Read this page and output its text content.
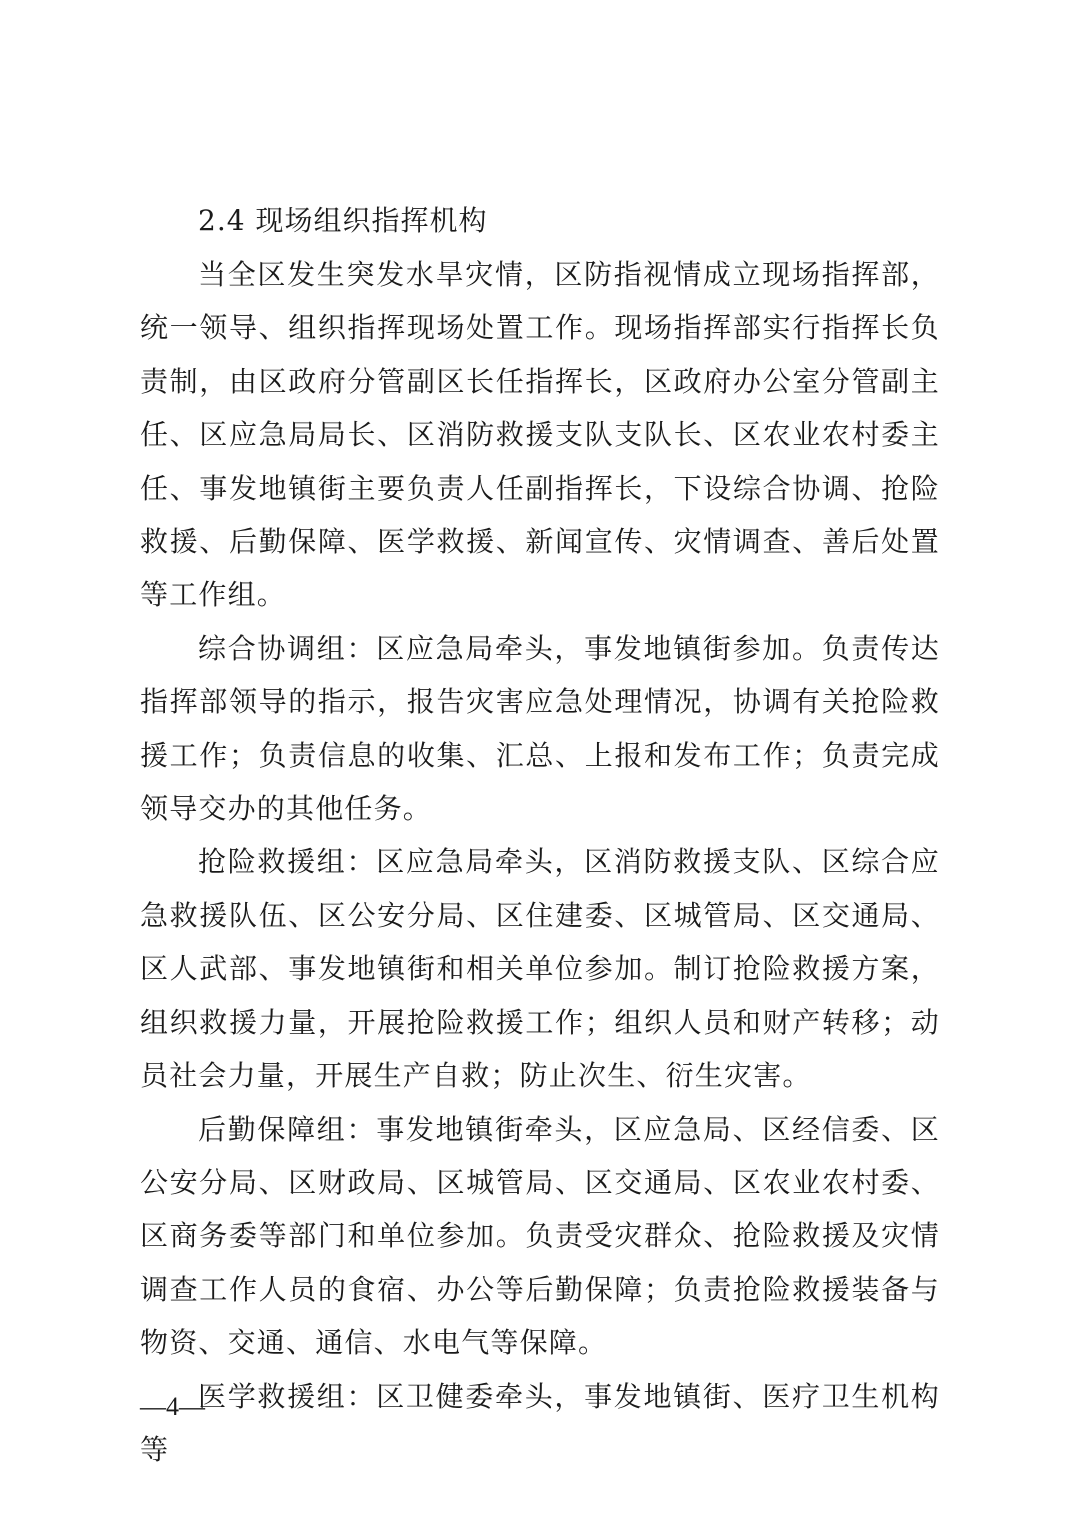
2.4 现场组织指挥机构

当全区发生突发水旱灾情，区防指视情成立现场指挥部，统一领导、组织指挥现场处置工作。现场指挥部实行指挥长负责制，由区政府分管副区长任指挥长，区政府办公室分管副主任、区应急局局长、区消防救援支队支队长、区农业农村委主任、事发地镇街主要负责人任副指挥长，下设综合协调、抢险救援、后勤保障、医学救援、新闻宣传、灾情调查、善后处置等工作组。

综合协调组：区应急局牵头，事发地镇街参加。负责传达指挥部领导的指示，报告灾害应急处理情况，协调有关抢险救援工作；负责信息的收集、汇总、上报和发布工作；负责完成领导交办的其他任务。

抢险救援组：区应急局牵头，区消防救援支队、区综合应急救援队伍、区公安分局、区住建委、区城管局、区交通局、区人武部、事发地镇街和相关单位参加。制订抢险救援方案，组织救援力量，开展抢险救援工作；组织人员和财产转移；动员社会力量，开展生产自救；防止次生、衍生灾害。

后勤保障组：事发地镇街牵头，区应急局、区经信委、区公安分局、区财政局、区城管局、区交通局、区农业农村委、区商务委等部门和单位参加。负责受灾群众、抢险救援及灾情调查工作人员的食宿、办公等后勤保障；负责抢险救援装备与物资、交通、通信、水电气等保障。

医学救援组：区卫健委牵头，事发地镇街、医疗卫生机构等

—4—
